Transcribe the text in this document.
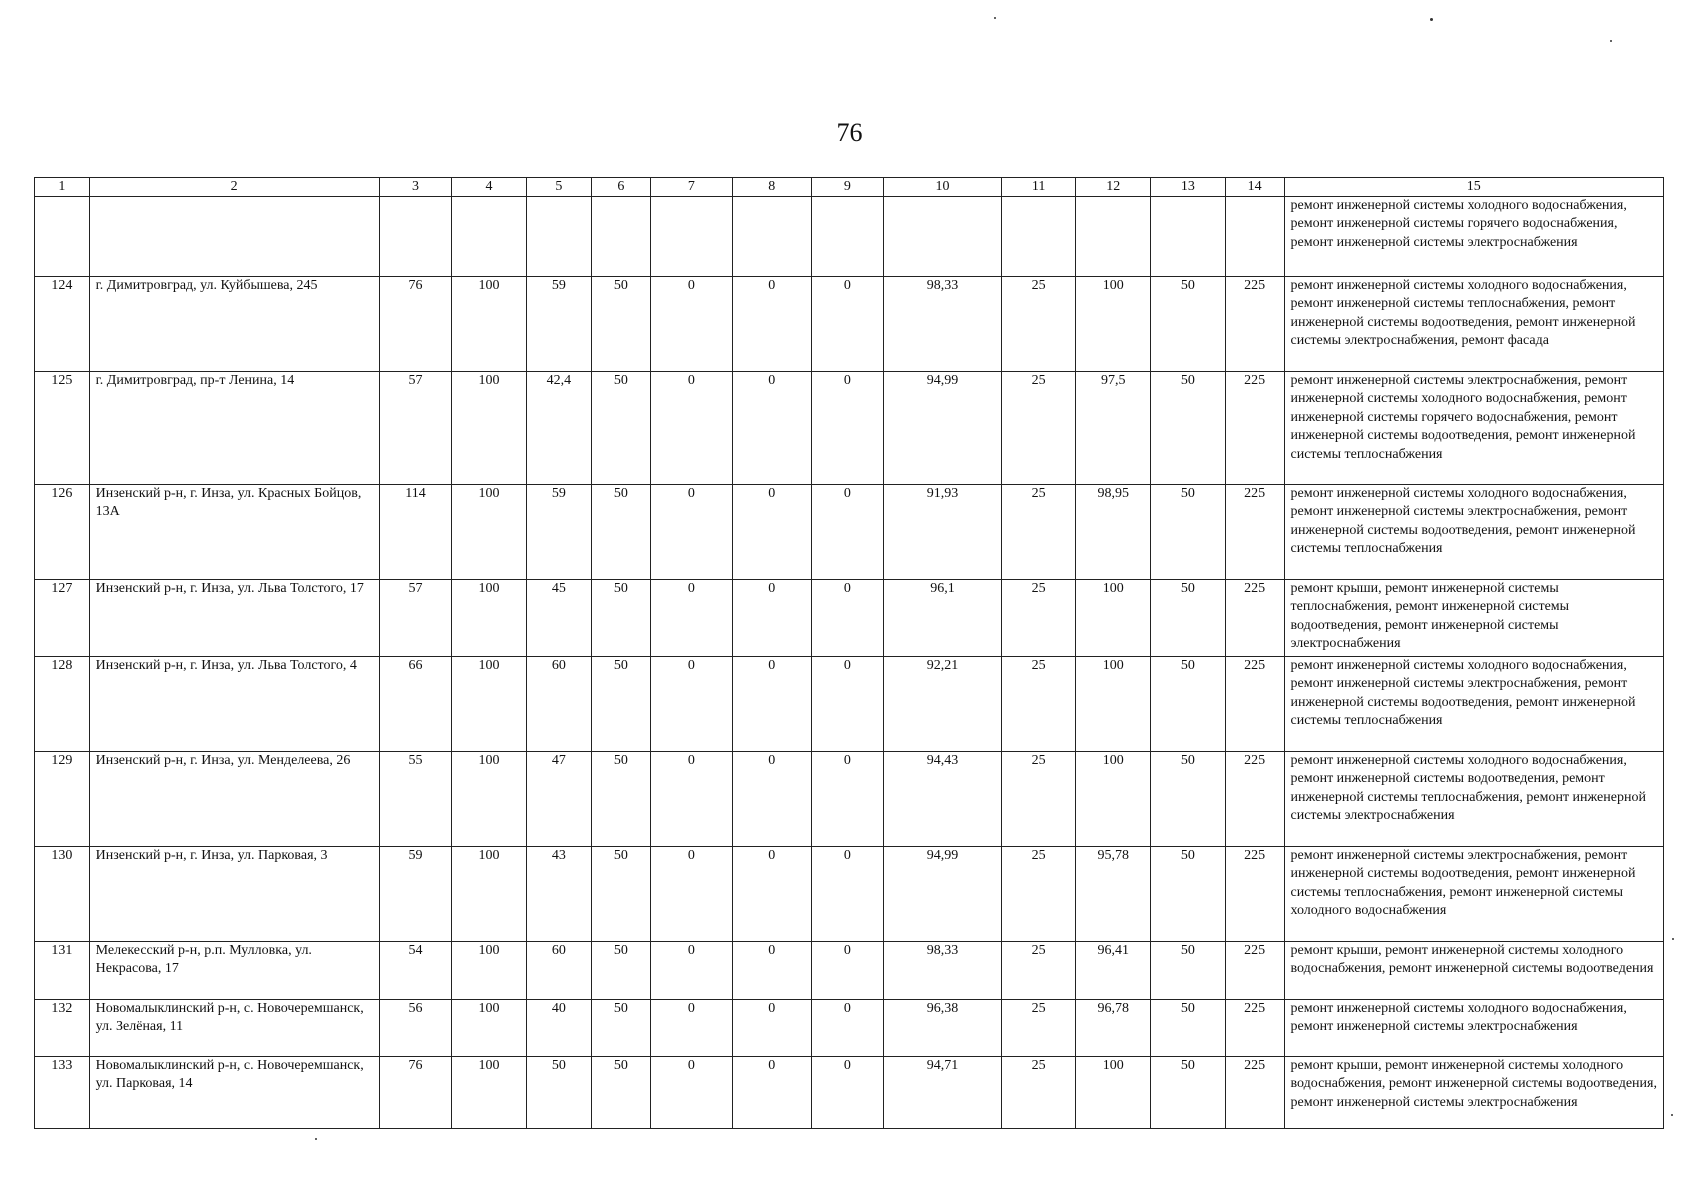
76
1	2	3	4	5	6	7	8	9	10	11	12	13	14	15
														ремонт инженерной системы холодного водоснабжения, ремонт инженерной системы горячего водоснабжения, ремонт инженерной системы электроснабжения
124	г. Димитровград, ул. Куйбышева, 245	76	100	59	50	0	0	0	98,33	25	100	50	225	ремонт инженерной системы холодного водоснабжения, ремонт инженерной системы теплоснабжения, ремонт инженерной системы водоотведения, ремонт инженерной системы электроснабжения, ремонт фасада
125	г. Димитровград, пр-т Ленина, 14	57	100	42,4	50	0	0	0	94,99	25	97,5	50	225	ремонт инженерной системы электроснабжения, ремонт инженерной системы холодного водоснабжения, ремонт инженерной системы горячего водоснабжения, ремонт инженерной системы водоотведения, ремонт инженерной системы теплоснабжения
126	Инзенский р-н, г. Инза, ул. Красных Бойцов, 13А	114	100	59	50	0	0	0	91,93	25	98,95	50	225	ремонт инженерной системы холодного водоснабжения, ремонт инженерной системы электроснабжения, ремонт инженерной системы водоотведения, ремонт инженерной системы теплоснабжения
127	Инзенский р-н, г. Инза, ул. Льва Толстого, 17	57	100	45	50	0	0	0	96,1	25	100	50	225	ремонт крыши, ремонт инженерной системы теплоснабжения, ремонт инженерной системы водоотведения, ремонт инженерной системы электроснабжения
128	Инзенский р-н, г. Инза, ул. Льва Толстого, 4	66	100	60	50	0	0	0	92,21	25	100	50	225	ремонт инженерной системы холодного водоснабжения, ремонт инженерной системы электроснабжения, ремонт инженерной системы водоотведения, ремонт инженерной системы теплоснабжения
129	Инзенский р-н, г. Инза, ул. Менделеева, 26	55	100	47	50	0	0	0	94,43	25	100	50	225	ремонт инженерной системы холодного водоснабжения, ремонт инженерной системы водоотведения, ремонт инженерной системы теплоснабжения, ремонт инженерной системы электроснабжения
130	Инзенский р-н, г. Инза, ул. Парковая, 3	59	100	43	50	0	0	0	94,99	25	95,78	50	225	ремонт инженерной системы электроснабжения, ремонт инженерной системы водоотведения, ремонт инженерной системы теплоснабжения, ремонт инженерной системы холодного водоснабжения
131	Мелекесский р-н, р.п. Мулловка, ул. Некрасова, 17	54	100	60	50	0	0	0	98,33	25	96,41	50	225	ремонт крыши, ремонт инженерной системы холодного водоснабжения, ремонт инженерной системы водоотведения
132	Новомалыклинский р-н, с. Новочеремшанск, ул. Зелёная, 11	56	100	40	50	0	0	0	96,38	25	96,78	50	225	ремонт инженерной системы холодного водоснабжения, ремонт инженерной системы электроснабжения
133	Новомалыклинский р-н, с. Новочеремшанск, ул. Парковая, 14	76	100	50	50	0	0	0	94,71	25	100	50	225	ремонт крыши, ремонт инженерной системы холодного водоснабжения, ремонт инженерной системы водоотведения, ремонт инженерной системы электроснабжения
